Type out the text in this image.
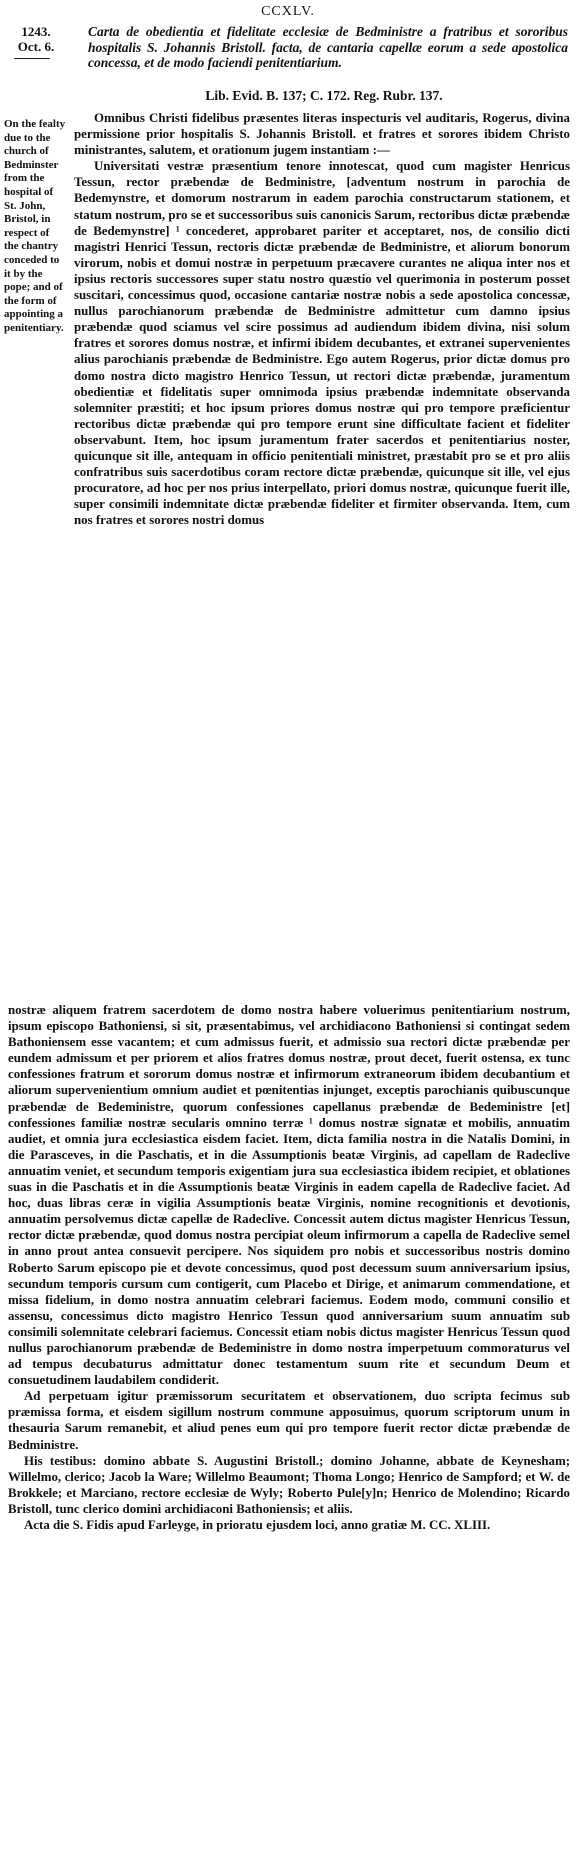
CCXLV.
1243.
Oct. 6.
Carta de obedientia et fidelitate ecclesiæ de Bedministre a fratribus et sororibus hospitalis S. Johannis Bristoll. facta, de cantaria capellæ eorum a sede apostolica concessa, et de modo faciendi penitentiarium.
Lib. Evid. B. 137; C. 172. Reg. Rubr. 137.
On the fealty due to the church of Bedminster from the hospital of St. John, Bristol, in respect of the chantry conceded to it by the pope; and of the form of appointing a penitentiary.

Omnibus Christi fidelibus præsentes literas inspecturis vel auditaris, Rogerus, divina permissione prior hospitalis S. Johannis Bristoll. et fratres et sorores ibidem Christo ministrantes, salutem, et orationum jugem instantiam :—

Universitati vestræ præsentium tenore innotescat, quod cum magister Henricus Tessun, rector præbendæ de Bedministre, [adventum nostrum in parochia de Bedemynstre, et domorum nostrarum in eadem parochia constructarum stationem, et statum nostrum, pro se et successoribus suis canonicis Sarum, rectoribus dictæ præbendæ de Bedemynstre] ¹ concederet, approbaret pariter et acceptaret, nos, de consilio dicti magistri Henrici Tessun, rectoris dictæ præbendæ de Bedministre, et aliorum bonorum virorum, nobis et domui nostræ in perpetuum præcavere curantes ne aliqua inter nos et ipsius rectoris successores super statu nostro quæstio vel querimonia in posterum posset suscitari, concessimus quod, occasione cantariæ nostræ nobis a sede apostolica concessæ, nullus parochianorum præbendæ de Bedministre admittetur cum damno ipsius præbendæ quod sciamus vel scire possimus ad audiendum ibidem divina, nisi solum fratres et sorores domus nostræ, et infirmi ibidem decubantes, et extranei supervenientes alius parochianis præbendæ de Bedministre. Ego autem Rogerus, prior dictæ domus pro domo nostra dicto magistro Henrico Tessun, ut rectori dictæ præbendæ, juramentum obedientiæ et fidelitatis super omnimoda ipsius præbendæ indemnitate observanda solemniter præstiti; et hoc ipsum priores domus nostræ qui pro tempore præficientur rectoribus dictæ præbendæ qui pro tempore erunt sine difficultate facient et fideliter observabunt. Item, hoc ipsum juramentum frater sacerdos et penitentiarius noster, quicunque sit ille, antequam in officio penitentiali ministret, præstabit pro se et pro aliis confratribus suis sacerdotibus coram rectore dictæ præbendæ, quicunque sit ille, vel ejus procuratore, ad hoc per nos prius interpellato, priori domus nostræ, quicunque fuerit ille, super consimili indemnitate dictæ præbendæ fideliter et firmiter observanda. Item, cum nos fratres et sorores nostri domus

nostræ aliquem fratrem sacerdotem de domo nostra habere voluerimus penitentiarium nostrum, ipsum episcopo Bathoniensi, si sit, præsentabimus, vel archidiacono Bathoniensi si contingat sedem Bathoniensem esse vacantem; et cum admissus fuerit, et admissio sua rectori dictæ præbendæ per eundem admissum et per priorem et alios fratres domus nostræ, prout decet, fuerit ostensa, ex tunc confessiones fratrum et sororum domus nostræ et infirmorum extraneorum ibidem decubantium et aliorum supervenientium omnium audiet et pœnitentias injunget, exceptis parochianis quibuscunque præbendæ de Bedeministre, quorum confessiones capellanus præbendæ de Bedeministre [et] confessiones familiæ nostræ secularis omnino terræ ¹ domus nostræ signatæ et mobilis, annuatim audiet, et omnia jura ecclesiastica eisdem faciet. Item, dicta familia nostra in die Natalis Domini, in die Parasceves, in die Paschatis, et in die Assumptionis beatæ Virginis, ad capellam de Radeclive annuatim veniet, et secundum temporis exigentiam jura sua ecclesiastica ibidem recipiet, et oblationes suas in die Paschatis et in die Assumptionis beatæ Virginis in eadem capella de Radeclive faciet. Ad hoc, duas libras ceræ in vigilia Assumptionis beatæ Virginis, nomine recognitionis et devotionis, annuatim persolvemus dictæ capellæ de Radeclive. Concessit autem dictus magister Henricus Tessun, rector dictæ præbendæ, quod domus nostra percipiat oleum infirmorum a capella de Radeclive semel in anno prout antea consuevit percipere. Nos siquidem pro nobis et successoribus nostris domino Roberto Sarum episcopo pie et devote concessimus, quod post decessum suum anniversarium ipsius, secundum temporis cursum cum contigerit, cum Placebo et Dirige, et animarum commendatione, et missa fidelium, in domo nostra annuatim celebrari faciemus. Eodem modo, communi consilio et assensu, concessimus dicto magistro Henrico Tessun quod anniversarium suum annuatim sub consimili solemnitate celebrari faciemus. Concessit etiam nobis dictus magister Henricus Tessun quod nullus parochianorum præbendæ de Bedeministre in domo nostra imperpetuum commoraturus vel ad tempus decubaturus admittatur donec testamentum suum rite et secundum Deum et consuetudinem laudabilem condiderit.

Ad perpetuam igitur præmissorum securitatem et observationem, duo scripta fecimus sub præmissa forma, et eisdem sigillum nostrum commune apposuimus, quorum scriptorum unum in thesauria Sarum remanebit, et aliud penes eum qui pro tempore fuerit rector dictæ præbendæ de Bedministre.

His testibus: domino abbate S. Augustini Bristoll.; domino Johanne, abbate de Keynesham; Willelmo, clerico; Jacob la Ware; Willelmo Beaumont; Thoma Longo; Henrico de Sampford; et W. de Brokkele; et Marciano, rectore ecclesiæ de Wyly; Roberto Pule[y]n; Henrico de Molendino; Ricardo Bristoll, tunc clerico domini archidiaconi Bathoniensis; et aliis.

Acta die S. Fidis apud Farleyge, in prioratu ejusdem loci, anno gratiæ M. CC. XLIII.
